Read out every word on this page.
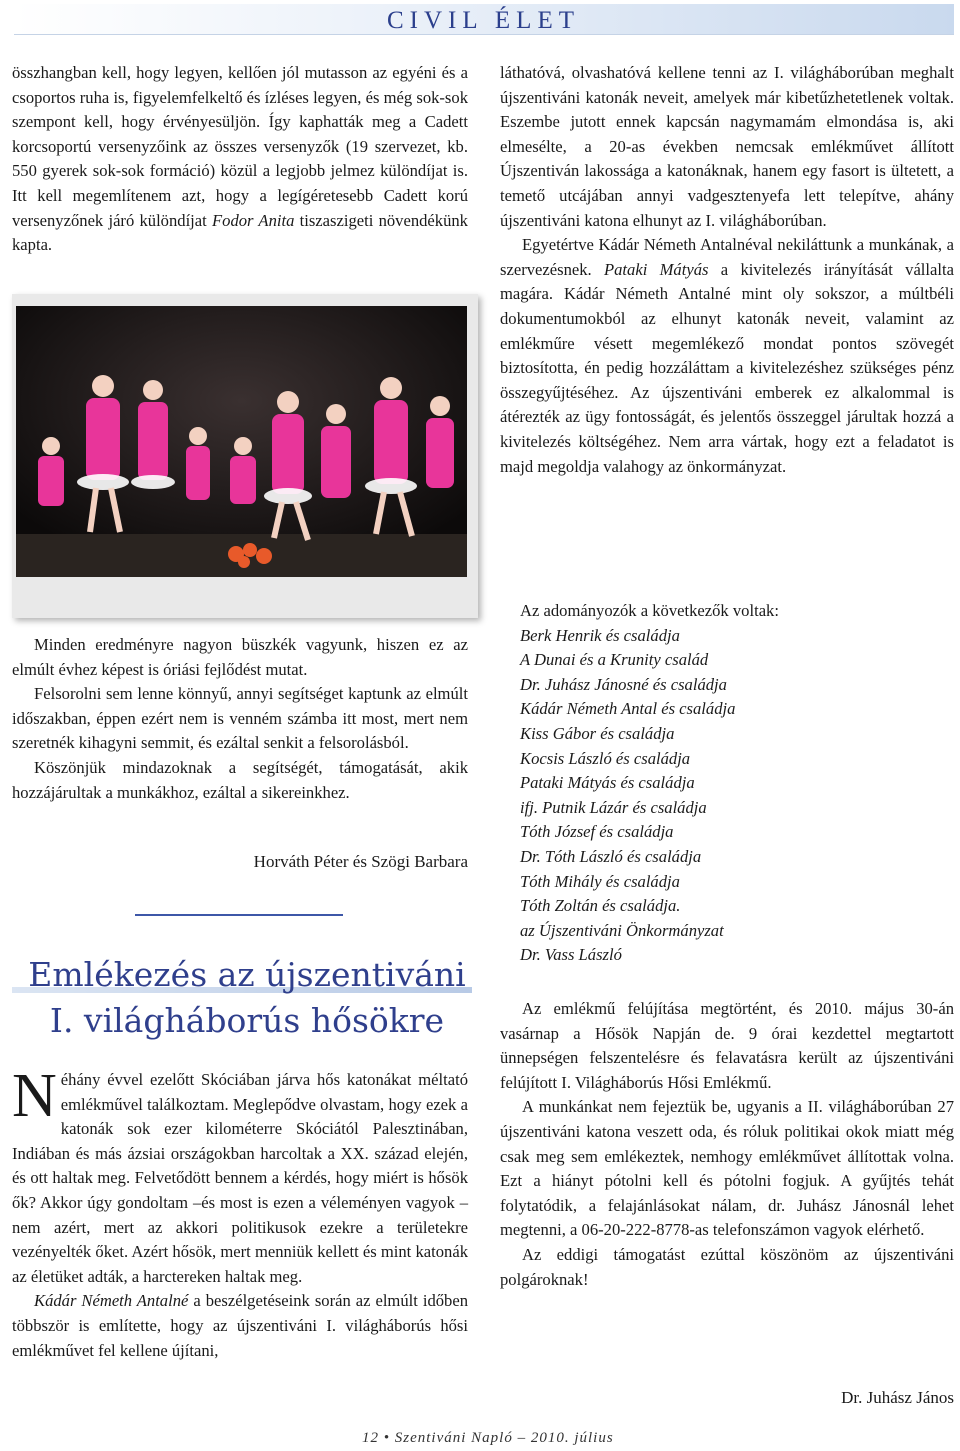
CIVIL ÉLET

összhangban kell, hogy legyen, kellően jól mutasson az egyéni és a csoportos ruha is, figyelemfelkeltő és ízléses legyen, és még sok-sok szempont kell, hogy érvényesüljön. Így kaphatták meg a Cadett korcsoportú versenyzőink az összes versenyzők (19 szervezet, kb. 550 gyerek sok-sok formáció) közül a legjobb jelmez különdíjat is. Itt kell megemlítenem azt, hogy a legígéretesebb Cadett korú versenyzőnek járó különdíjat Fodor Anita tiszaszigeti növendékünk kapta.

Minden eredményre nagyon büszkék vagyunk, hiszen ez az elmúlt évhez képest is óriási fejlődést mutat.

Felsorolni sem lenne könnyű, annyi segítséget kaptunk az elmúlt időszakban, éppen ezért nem is venném számba itt most, mert nem szeretnék kihagyni semmit, és ezáltal senkit a felsorolásból.

Köszönjük mindazoknak a segítségét, támogatását, akik hozzájárultak a munkákhoz, ezáltal a sikereinkhez.

Horváth Péter és Szögi Barbara
Emlékezés az újszentiváni
I. világháborús hősökre

N éhány évvel ezelőtt Skóciában járva hős katonákat méltató emlékművel találkoztam. Meglepődve olvastam, hogy ezek a katonák sok ezer kilométerre Skóciától Palesztinában, Indiában és más ázsiai országokban harcoltak a XX. század elején, és ott haltak meg. Felvetődött bennem a kérdés, hogy miért is hősök ők? Akkor úgy gondoltam –és most is ezen a véleményen vagyok – nem azért, mert az akkori politikusok ezekre a területekre vezényelték őket. Azért hősök, mert menniük kellett és mint katonák az életüket adták, a harctereken haltak meg.

Kádár Németh Antalné a beszélgetéseink során az elmúlt időben többször is említette, hogy az újszentiváni I. világháborús hősi emlékművet fel kellene újítani,

láthatóvá, olvashatóvá kellene tenni az I. világháborúban meghalt újszentiváni katonák neveit, amelyek már kibetűzhetetlenek voltak. Eszembe jutott ennek kapcsán nagymamám elmondása is, aki elmesélte, a 20-as években nemcsak emlékművet állított Újszentiván lakossága a katonáknak, hanem egy fasort is ültetett, a temető utcájában annyi vadgesztenyefa lett telepítve, ahány újszentiváni katona elhunyt az I. világháborúban.

Egyetértve Kádár Németh Antalnéval nekiláttunk a munkának, a szervezésnek. Pataki Mátyás a kivitelezés irányítását vállalta magára. Kádár Németh Antalné mint oly sokszor, a múltbéli dokumentumokból az elhunyt katonák neveit, valamint az emlékműre vésett megemlékező mondat pontos szövegét biztosította, én pedig hozzáláttam a kivitelezéshez szükséges pénz összegyűjtéséhez. Az újszentiváni emberek ez alkalommal is átérezték az ügy fontosságát, és jelentős összeggel járultak hozzá a kivitelezés költségéhez. Nem arra vártak, hogy ezt a feladatot is majd megoldja valahogy az önkormányzat.

Az adományozók a következők voltak:

Berk Henrik és családja

A Dunai és a Krunity család

Dr. Juhász Jánosné és családja

Kádár Németh Antal és családja

Kiss Gábor és családja

Kocsis László és családja

Pataki Mátyás és családja

ifj. Putnik Lázár és családja

Tóth József és családja

Dr. Tóth László és családja

Tóth Mihály és családja

Tóth Zoltán és családja.

az Újszentiváni Önkormányzat

Dr. Vass László

Az emlékmű felújítása megtörtént, és 2010. május 30-án vasárnap a Hősök Napján de. 9 órai kezdettel megtartott ünnepségen felszentelésre és felavatásra került az újszentiváni felújított I. Világháborús Hősi Emlékmű.

A munkánkat nem fejeztük be, ugyanis a II. világháborúban 27 újszentiváni katona veszett oda, és róluk politikai okok miatt még csak meg sem emlékeztek, nemhogy emlékművet állítottak volna. Ezt a hiányt pótolni kell és pótolni fogjuk. A gyűjtés tehát folytatódik, a felajánlásokat nálam, dr. Juhász Jánosnál lehet megtenni, a 06-20-222-8778-as telefonszámon vagyok elérhető.

Az eddigi támogatást ezúttal köszönöm az újszentiváni polgároknak!

Dr. Juhász János
12 • Szentiváni Napló – 2010. július
